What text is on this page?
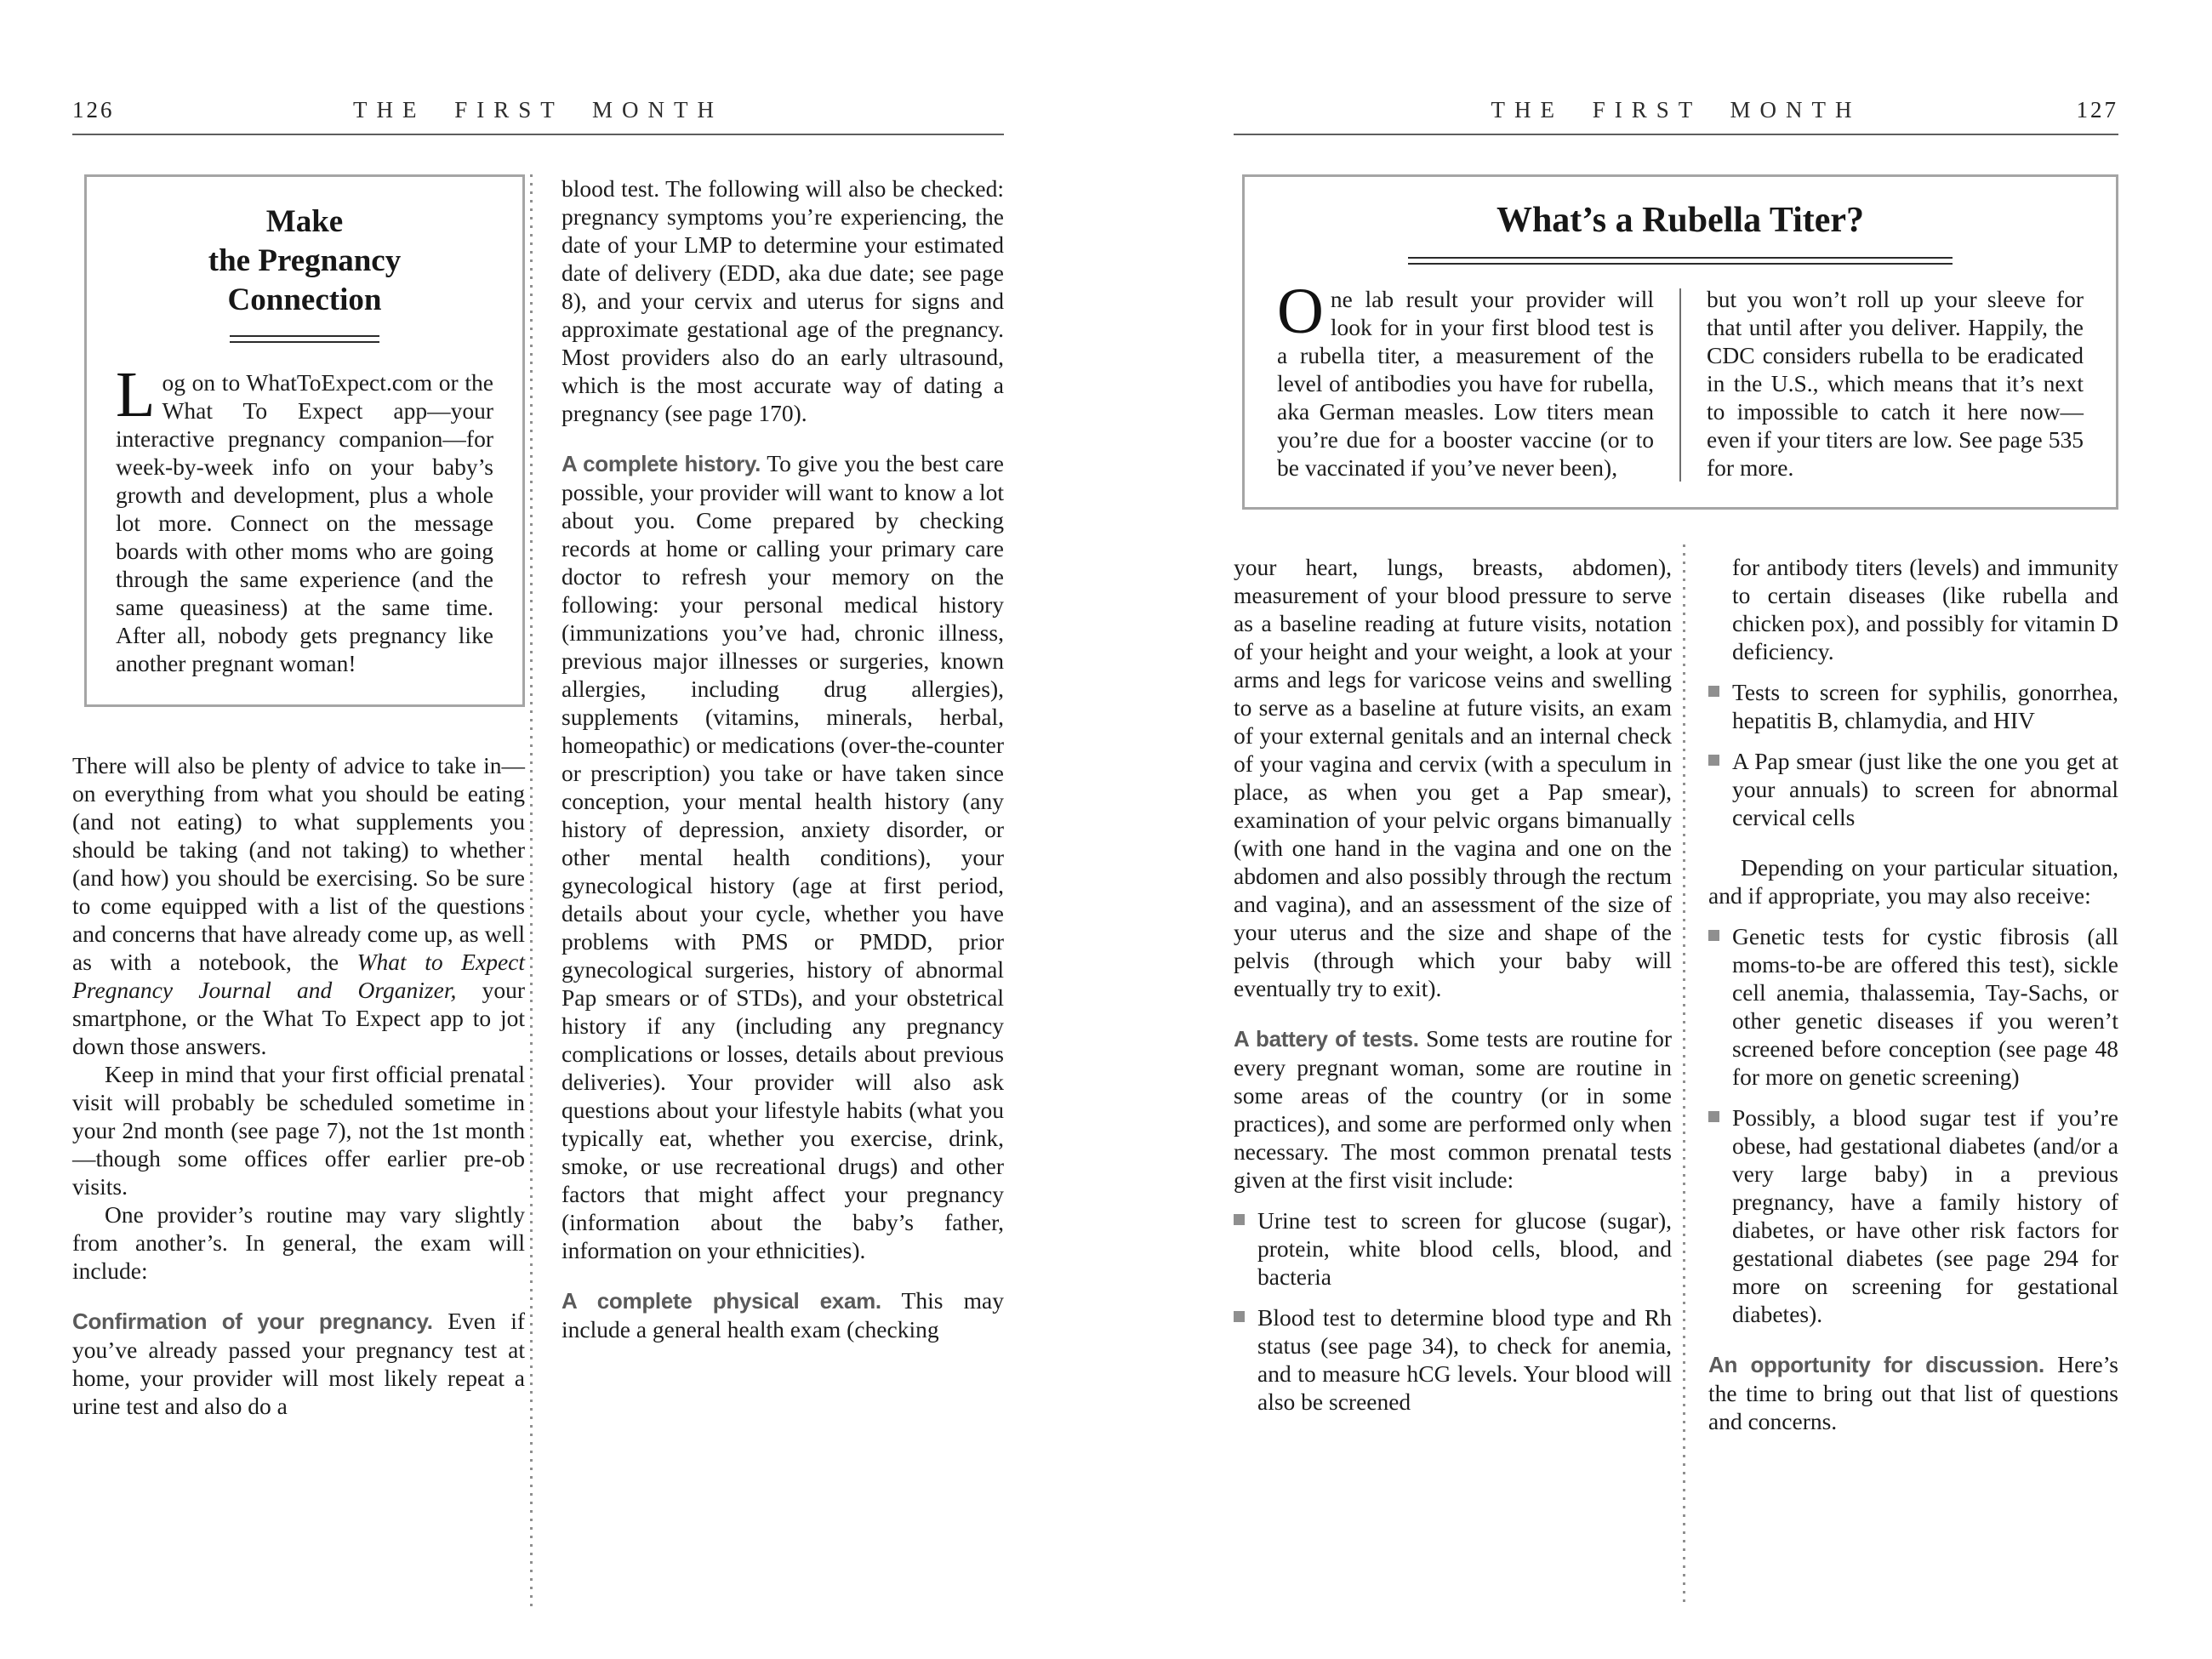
126	THE FIRST MONTH
Make
the Pregnancy
Connection

Log on to WhatToExpect.com or the What To Expect app—your interactive pregnancy companion—for week-by-week info on your baby’s growth and development, plus a whole lot more. Connect on the message boards with other moms who are going through the same experience (and the same queasiness) at the same time. After all, nobody gets pregnancy like another pregnant woman!

There will also be plenty of advice to take in—on everything from what you should be eating (and not eating) to what supplements you should be taking (and not taking) to whether (and how) you should be exercising. So be sure to come equipped with a list of the questions and concerns that have already come up, as well as with a notebook, the What to Expect Pregnancy Journal and Organizer, your smartphone, or the What To Expect app to jot down those answers.

Keep in mind that your first official prenatal visit will probably be scheduled sometime in your 2nd month (see page 7), not the 1st month—though some offices offer earlier pre-ob visits.

One provider’s routine may vary slightly from another’s. In general, the exam will include:

Confirmation of your pregnancy. Even if you’ve already passed your pregnancy test at home, your provider will most likely repeat a urine test and also do a

blood test. The following will also be checked: pregnancy symptoms you’re experiencing, the date of your LMP to determine your estimated date of delivery (EDD, aka due date; see page 8), and your cervix and uterus for signs and approximate gestational age of the pregnancy. Most providers also do an early ultrasound, which is the most accurate way of dating a pregnancy (see page 170).

A complete history. To give you the best care possible, your provider will want to know a lot about you. Come prepared by checking records at home or calling your primary care doctor to refresh your memory on the following: your personal medical history (immunizations you’ve had, chronic illness, previous major illnesses or surgeries, known allergies, including drug allergies), supplements (vitamins, minerals, herbal, homeopathic) or medications (over-the-counter or prescription) you take or have taken since conception, your mental health history (any history of depression, anxiety disorder, or other mental health conditions), your gynecological history (age at first period, details about your cycle, whether you have problems with PMS or PMDD, prior gynecological surgeries, history of abnormal Pap smears or of STDs), and your obstetrical history if any (including any pregnancy complications or losses, details about previous deliveries). Your provider will also ask questions about your lifestyle habits (what you typically eat, whether you exercise, drink, smoke, or use recreational drugs) and other factors that might affect your pregnancy (information about the baby’s father, information on your ethnicities).

A complete physical exam. This may include a general health exam (checking

THE FIRST MONTH	127
What’s a Rubella Titer?

One lab result your provider will look for in your first blood test is a rubella titer, a measurement of the level of antibodies you have for rubella, aka German measles. Low titers mean you’re due for a booster vaccine (or to be vaccinated if you’ve never been),

but you won’t roll up your sleeve for that until after you deliver. Happily, the CDC considers rubella to be eradicated in the U.S., which means that it’s next to impossible to catch it here now—even if your titers are low. See page 535 for more.

your heart, lungs, breasts, abdomen), measurement of your blood pressure to serve as a baseline reading at future visits, notation of your height and your weight, a look at your arms and legs for varicose veins and swelling to serve as a baseline at future visits, an exam of your external genitals and an internal check of your vagina and cervix (with a speculum in place, as when you get a Pap smear), examination of your pelvic organs bimanually (with one hand in the vagina and one on the abdomen and also possibly through the rectum and vagina), and an assessment of the size of your uterus and the size and shape of the pelvis (through which your baby will eventually try to exit).

A battery of tests. Some tests are routine for every pregnant woman, some are routine in some areas of the country (or in some practices), and some are performed only when necessary. The most common prenatal tests given at the first visit include:

Urine test to screen for glucose (sugar), protein, white blood cells, blood, and bacteria
Blood test to determine blood type and Rh status (see page 34), to check for anemia, and to measure hCG levels. Your blood will also be screened
for antibody titers (levels) and immunity to certain diseases (like rubella and chicken pox), and possibly for vitamin D deficiency.
Tests to screen for syphilis, gonorrhea, hepatitis B, chlamydia, and HIV
A Pap smear (just like the one you get at your annuals) to screen for abnormal cervical cells

Depending on your particular situation, and if appropriate, you may also receive:

Genetic tests for cystic fibrosis (all moms-to-be are offered this test), sickle cell anemia, thalassemia, Tay-Sachs, or other genetic diseases if you weren’t screened before conception (see page 48 for more on genetic screening)
Possibly, a blood sugar test if you’re obese, had gestational diabetes (and/or a very large baby) in a previous pregnancy, have a family history of diabetes, or have other risk factors for gestational diabetes (see page 294 for more on screening for gestational diabetes).

An opportunity for discussion. Here’s the time to bring out that list of questions and concerns.
